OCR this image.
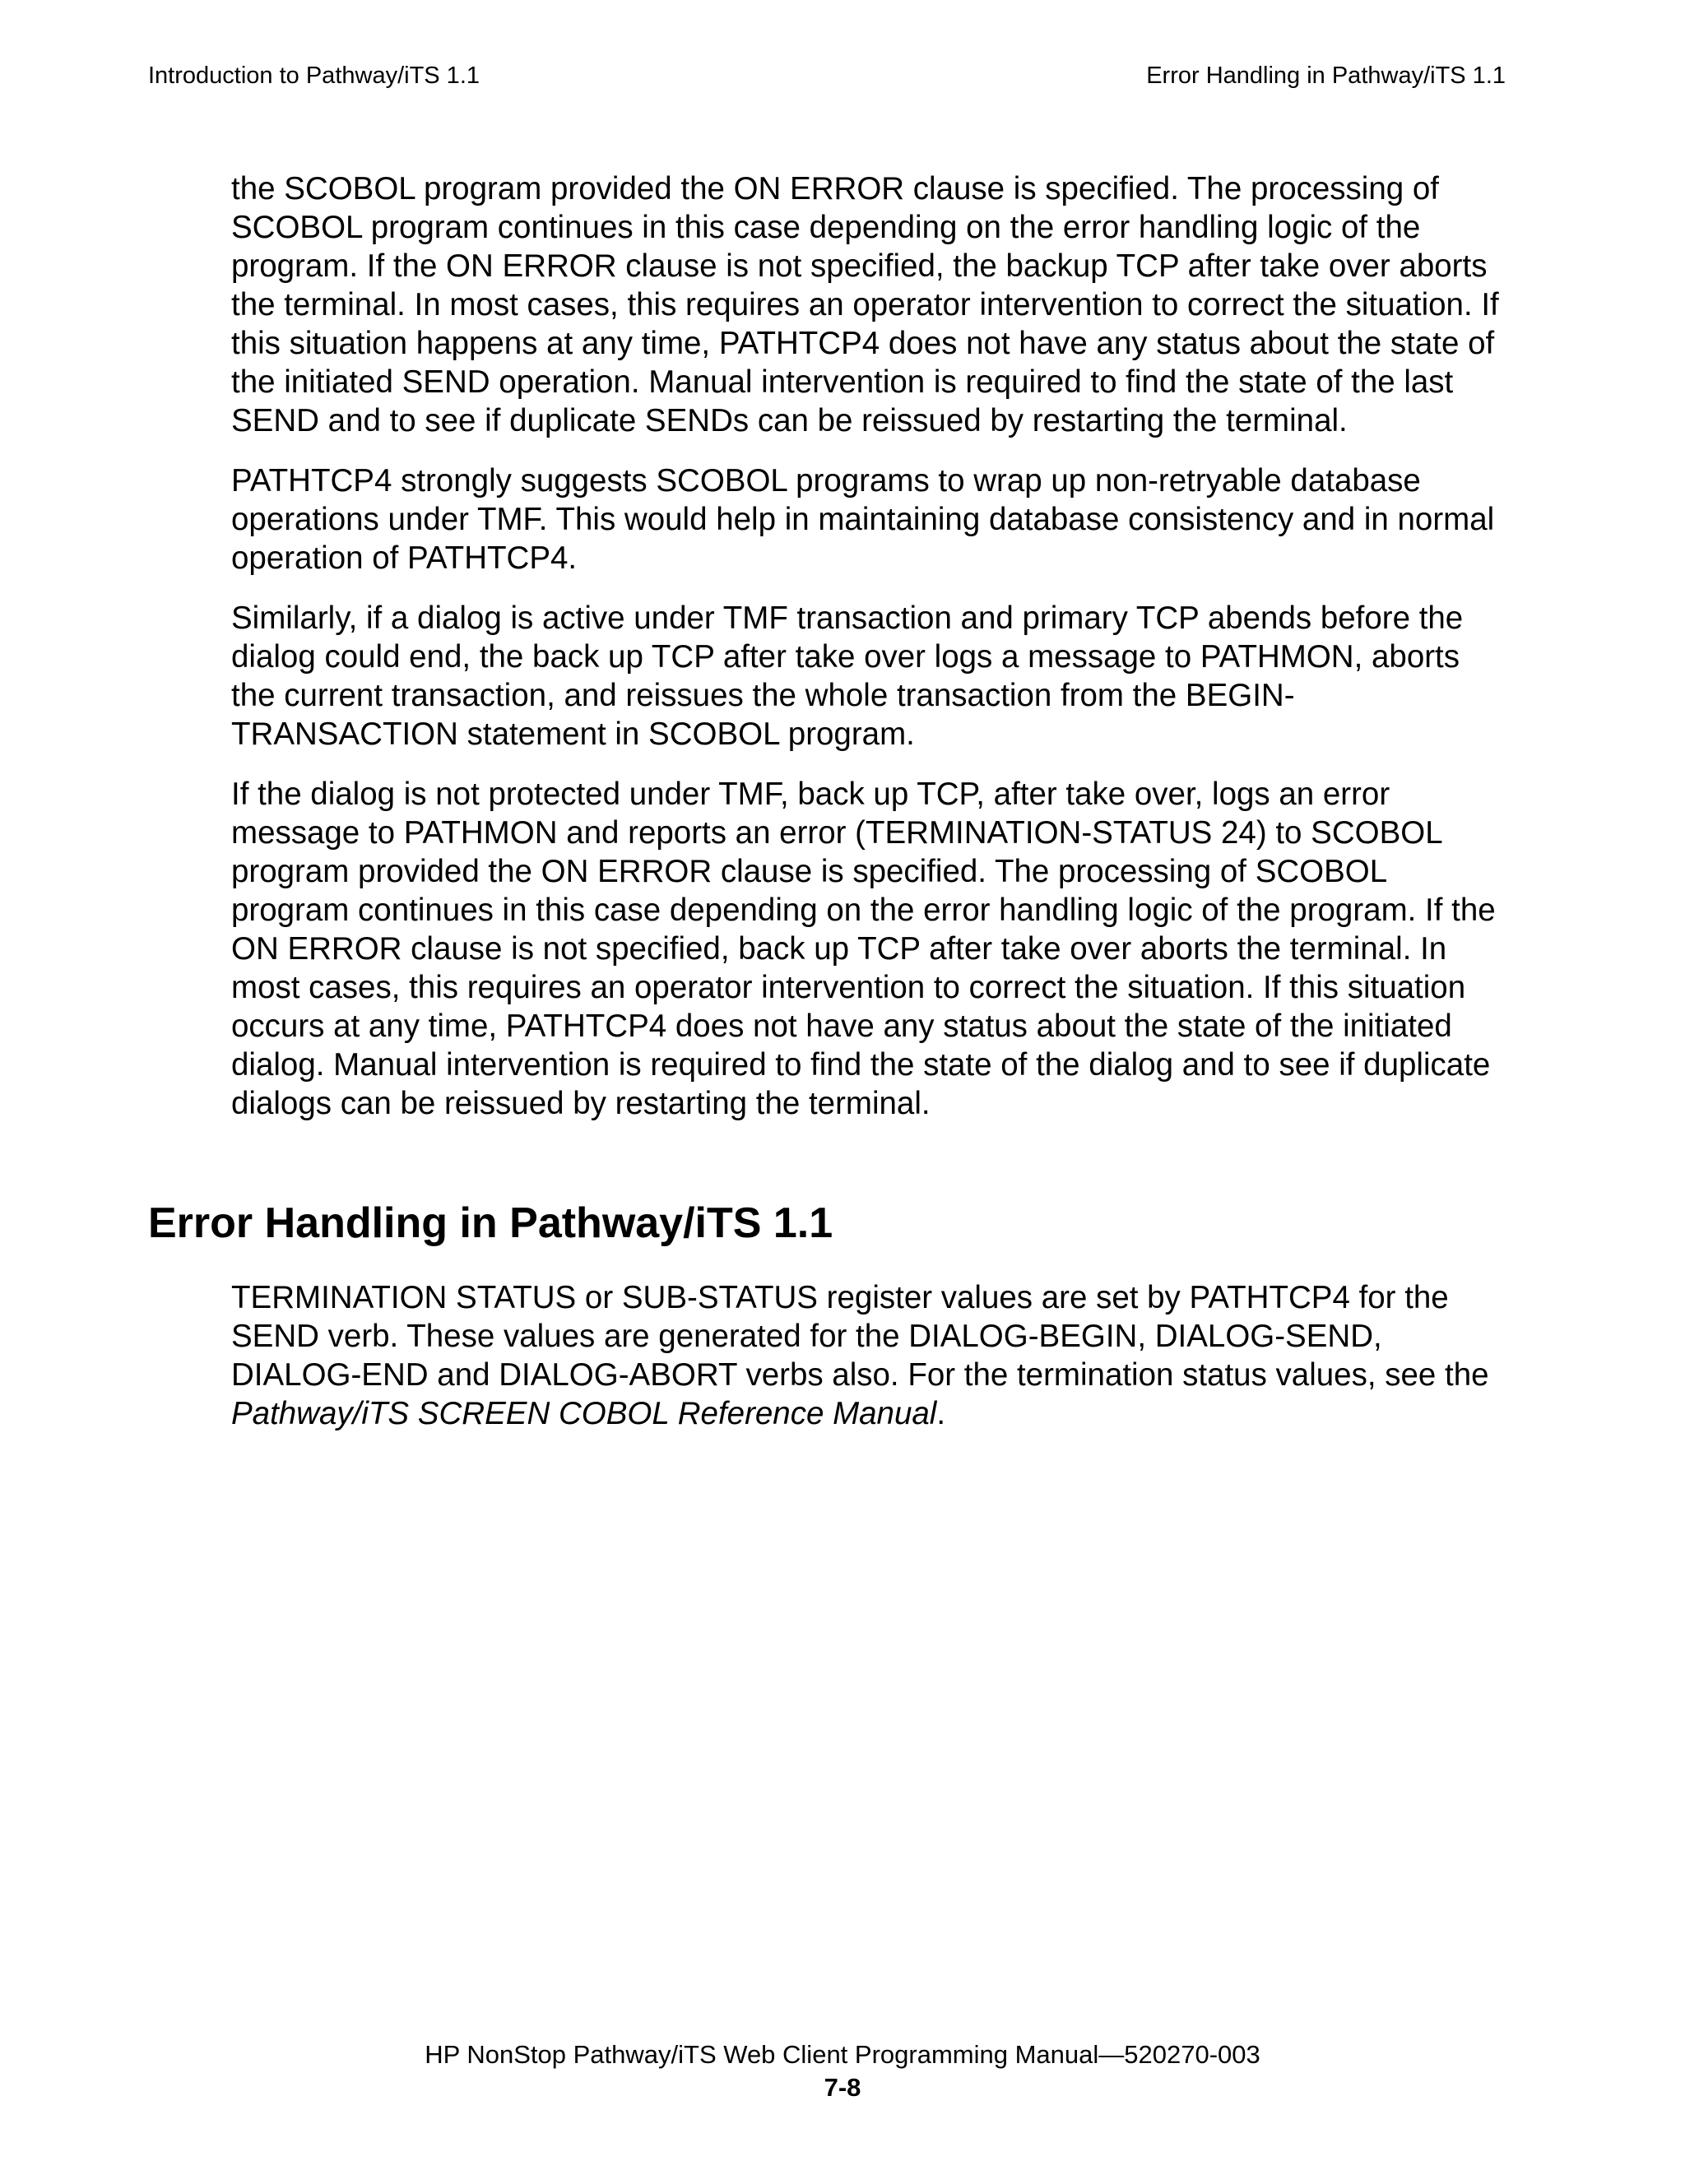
Introduction to Pathway/iTS 1.1	Error Handling in Pathway/iTS 1.1

the SCOBOL program provided the ON ERROR clause is specified. The processing of SCOBOL program continues in this case depending on the error handling logic of the program. If the ON ERROR clause is not specified, the backup TCP after take over aborts the terminal. In most cases, this requires an operator intervention to correct the situation. If this situation happens at any time, PATHTCP4 does not have any status about the state of the initiated SEND operation. Manual intervention is required to find the state of the last SEND and to see if duplicate SENDs can be reissued by restarting the terminal.

PATHTCP4 strongly suggests SCOBOL programs to wrap up non-retryable database operations under TMF. This would help in maintaining database consistency and in normal operation of PATHTCP4.

Similarly, if a dialog is active under TMF transaction and primary TCP abends before the dialog could end, the back up TCP after take over logs a message to PATHMON, aborts the current transaction, and reissues the whole transaction from the BEGIN-TRANSACTION statement in SCOBOL program.

If the dialog is not protected under TMF, back up TCP, after take over, logs an error message to PATHMON and reports an error (TERMINATION-STATUS 24) to SCOBOL program provided the ON ERROR clause is specified. The processing of SCOBOL program continues in this case depending on the error handling logic of the program. If the ON ERROR clause is not specified, back up TCP after take over aborts the terminal. In most cases, this requires an operator intervention to correct the situation. If this situation occurs at any time, PATHTCP4 does not have any status about the state of the initiated dialog. Manual intervention is required to find the state of the dialog and to see if duplicate dialogs can be reissued by restarting the terminal.

Error Handling in Pathway/iTS 1.1

TERMINATION STATUS or SUB-STATUS register values are set by PATHTCP4 for the SEND verb. These values are generated for the DIALOG-BEGIN, DIALOG-SEND, DIALOG-END and DIALOG-ABORT verbs also. For the termination status values, see the Pathway/iTS SCREEN COBOL Reference Manual.

HP NonStop Pathway/iTS Web Client Programming Manual—520270-003
7-8
